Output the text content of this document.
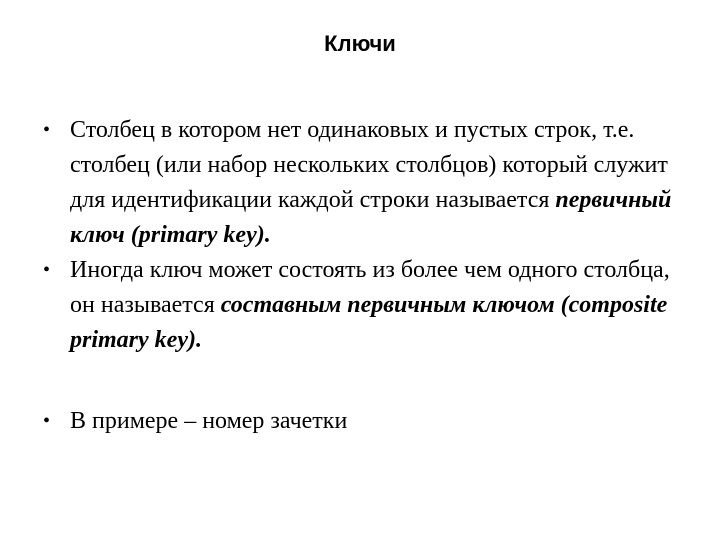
Ключи
• Столбец в котором нет одинаковых и пустых строк, т.е. столбец (или набор нескольких столбцов) который служит для идентификации каждой строки называется первичный ключ (primary key).
• Иногда ключ может состоять из более чем одного столбца, он называется составным первичным ключом (composite primary key).
• В примере – номер зачетки
